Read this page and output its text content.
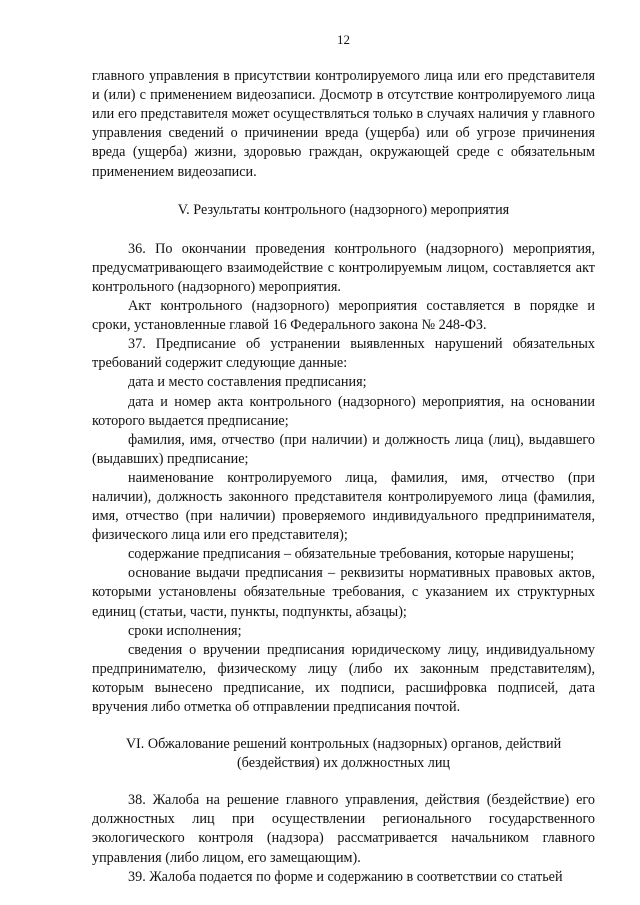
12

главного управления в присутствии контролируемого лица или его представителя и (или) с применением видеозаписи. Досмотр в отсутствие контролируемого лица или его представителя может осуществляться только в случаях наличия у главного управления сведений о причинении вреда (ущерба) или об угрозе причинения вреда (ущерба) жизни, здоровью граждан, окружающей среде с обязательным применением видеозаписи.

V. Результаты контрольного (надзорного) мероприятия

36. По окончании проведения контрольного (надзорного) мероприятия, предусматривающего взаимодействие с контролируемым лицом, составляется акт контрольного (надзорного) мероприятия.

Акт контрольного (надзорного) мероприятия составляется в порядке и сроки, установленные главой 16 Федерального закона № 248-ФЗ.

37. Предписание об устранении выявленных нарушений обязательных требований содержит следующие данные:

дата и место составления предписания;

дата и номер акта контрольного (надзорного) мероприятия, на основании которого выдается предписание;

фамилия, имя, отчество (при наличии) и должность лица (лиц), выдавшего (выдавших) предписание;

наименование контролируемого лица, фамилия, имя, отчество (при наличии), должность законного представителя контролируемого лица (фамилия, имя, отчество (при наличии) проверяемого индивидуального предпринимателя, физического лица или его представителя);

содержание предписания – обязательные требования, которые нарушены;

основание выдачи предписания – реквизиты нормативных правовых актов, которыми установлены обязательные требования, с указанием их структурных единиц (статьи, части, пункты, подпункты, абзацы);

сроки исполнения;

сведения о вручении предписания юридическому лицу, индивидуальному предпринимателю, физическому лицу (либо их законным представителям), которым вынесено предписание, их подписи, расшифровка подписей, дата вручения либо отметка об отправлении предписания почтой.

VI. Обжалование решений контрольных (надзорных) органов, действий

(бездействия) их должностных лиц

38. Жалоба на решение главного управления, действия (бездействие) его должностных лиц при осуществлении регионального государственного экологического контроля (надзора) рассматривается начальником главного управления (либо лицом, его замещающим).

39. Жалоба подается по форме и содержанию в соответствии со статьей
